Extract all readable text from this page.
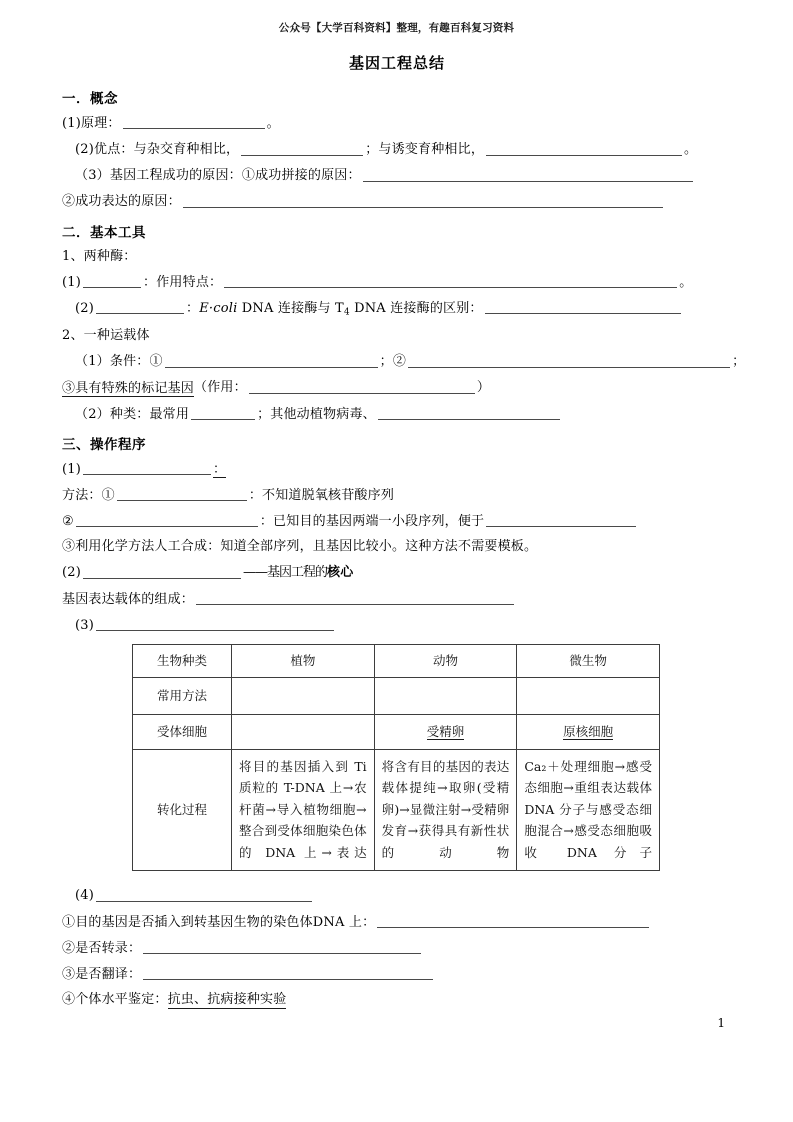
公众号【大学百科资料】整理，有趣百科复习资料
基因工程总结
一．概念
(1)原理：	。
(2)优点：与杂交育种相比，	；与诱变育种相比，	。
（3）基因工程成功的原因：①成功拼接的原因：
②成功表达的原因：
二．基本工具
1、两种酶：
(1)	：作用特点：	。
(2)	：E·coli DNA 连接酶与 $T_4$ DNA 连接酶的区别：
2、一种运载体
（1）条件：①	；②	；
③具有特殊的标记基因（作用：	）
（2）种类：最常用	；其他动植物病毒、
三、操作程序
(1)	：
方法：①	：不知道脱氧核苷酸序列
②	：已知目的基因两端一小段序列，便于
③利用化学方法人工合成：知道全部序列，且基因比较小。这种方法不需要模板。
(2)	——基因工程的核心
基因表达载体的组成：
(3)
生物种类	植物	动物	微生物
常用方法			
受体细胞		受精卵	原核细胞
转化过程	将目的基因插入到 Ti 质粒的 T-DNA 上→农杆菌→导入植物细胞→整合到受体细胞染色体的 DNA 上→表达	将含有目的基因的表达载体提纯→取卵(受精卵)→显微注射→受精卵发育→获得具有新性状的动物	Ca₂＋处理细胞→感受态细胞→重组表达载体 DNA 分子与感受态细胞混合→感受态细胞吸收 DNA 分子
(4)
①目的基因是否插入到转基因生物的染色体DNA 上：
②是否转录：
③是否翻译：
④个体水平鉴定：抗虫、抗病接种实验
1
